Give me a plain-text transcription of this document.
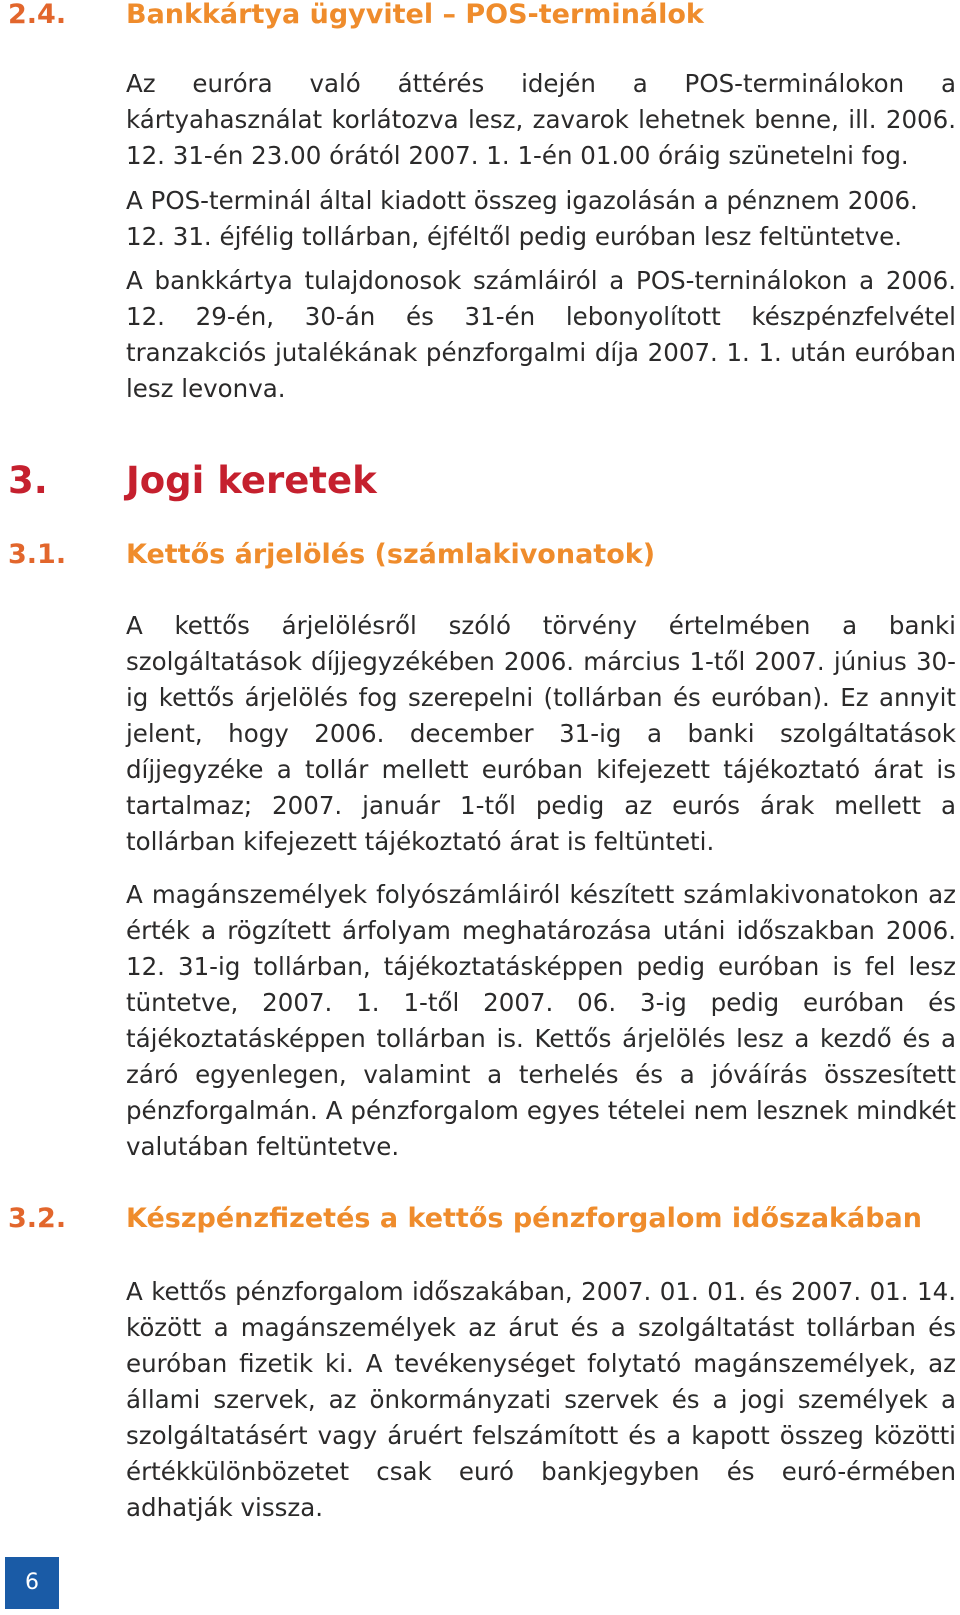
2.4. Bankkártya ügyvitel – POS-terminálok

Az euróra való áttérés idején a POS-terminálokon a kártyahasználat korlátozva lesz, zavarok lehetnek benne, ill. 2006. 12. 31-én 23.00 órától 2007. 1. 1-én 01.00 óráig szünetelni fog.

A POS-terminál által kiadott összeg igazolásán a pénznem 2006. 12. 31. éjfélig tollárban, éjféltől pedig euróban lesz feltüntetve.

A bankkártya tulajdonosok számláiról a POS-terninálokon a 2006. 12. 29-én, 30-án és 31-én lebonyolított készpénzfelvétel tranzakciós jutalékának pénzforgalmi díja 2007. 1. 1. után euróban lesz levonva.

3. Jogi keretek
3.1. Kettős árjelölés (számlakivonatok)

A kettős árjelölésről szóló törvény értelmében a banki szolgáltatások díjjegyzékében 2006. március 1-től 2007. június 30-ig kettős árjelölés fog szerepelni (tollárban és euróban). Ez annyit jelent, hogy 2006. december 31-ig a banki szolgáltatások díjjegyzéke a tollár mellett euróban kifejezett tájékoztató árat is tartalmaz; 2007. január 1-től pedig az eurós árak mellett a tollárban kifejezett tájékoztató árat is feltünteti.

A magánszemélyek folyószámláiról készített számlakivonatokon az érték a rögzített árfolyam meghatározása utáni időszakban 2006. 12. 31-ig tollárban, tájékoztatásképpen pedig euróban is fel lesz tüntetve, 2007. 1. 1-től 2007. 06. 3-ig pedig euróban és tájékoztatásképpen tollárban is. Kettős árjelölés lesz a kezdő és a záró egyenlegen, valamint a terhelés és a jóváírás összesített pénzforgalmán. A pénzforgalom egyes tételei nem lesznek mindkét valutában feltüntetve.

3.2. Készpénzfizetés a kettős pénzforgalom időszakában

A kettős pénzforgalom időszakában, 2007. 01. 01. és 2007. 01. 14. között a magánszemélyek az árut és a szolgáltatást tollárban és euróban fizetik ki. A tevékenységet folytató magánszemélyek, az állami szervek, az önkormányzati szervek és a jogi személyek a szolgáltatásért vagy áruért felszámított és a kapott összeg közötti értékkülönbözetet csak euró bankjegyben és euró-érmében adhatják vissza.

6
